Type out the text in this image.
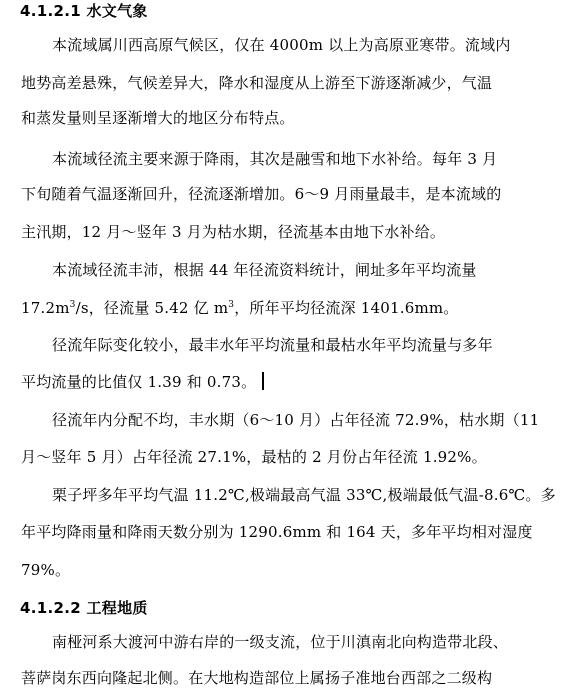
4.1.2.1 水文气象
本流域属川西高原气候区，仅在 4000m 以上为高原亚寒带。流域内
地势高差悬殊，气候差异大，降水和湿度从上游至下游逐渐减少，气温
和蒸发量则呈逐渐增大的地区分布特点。
本流域径流主要来源于降雨，其次是融雪和地下水补给。每年 3 月
下旬随着气温逐渐回升，径流逐渐增加。6～9 月雨量最丰，是本流域的
主汛期，12 月～竖年 3 月为枯水期，径流基本由地下水补给。
本流域径流丰沛，根据 44 年径流资料统计，闸址多年平均流量
$17.2m^3/s$，径流量 5.42 亿 $m^3$，所年平均径流深 1401.6mm。
径流年际变化较小，最丰水年平均流量和最枯水年平均流量与多年
平均流量的比值仅 1.39 和 0.73。
径流年内分配不均，丰水期（6～10 月）占年径流 72.9%，枯水期（11
月～竖年 5 月）占年径流 27.1%，最枯的 2 月份占年径流 1.92%。
栗子坪多年平均气温 11.2℃,极端最高气温 33℃,极端最低气温-8.6℃。多
年平均降雨量和降雨天数分别为 1290.6mm 和 164 天，多年平均相对湿度
79%。
4.1.2.2 工程地质
南桠河系大渡河中游右岸的一级支流，位于川滇南北向构造带北段、
菩萨岗东西向隆起北侧。在大地构造部位上属扬子准地台西部之二级构
